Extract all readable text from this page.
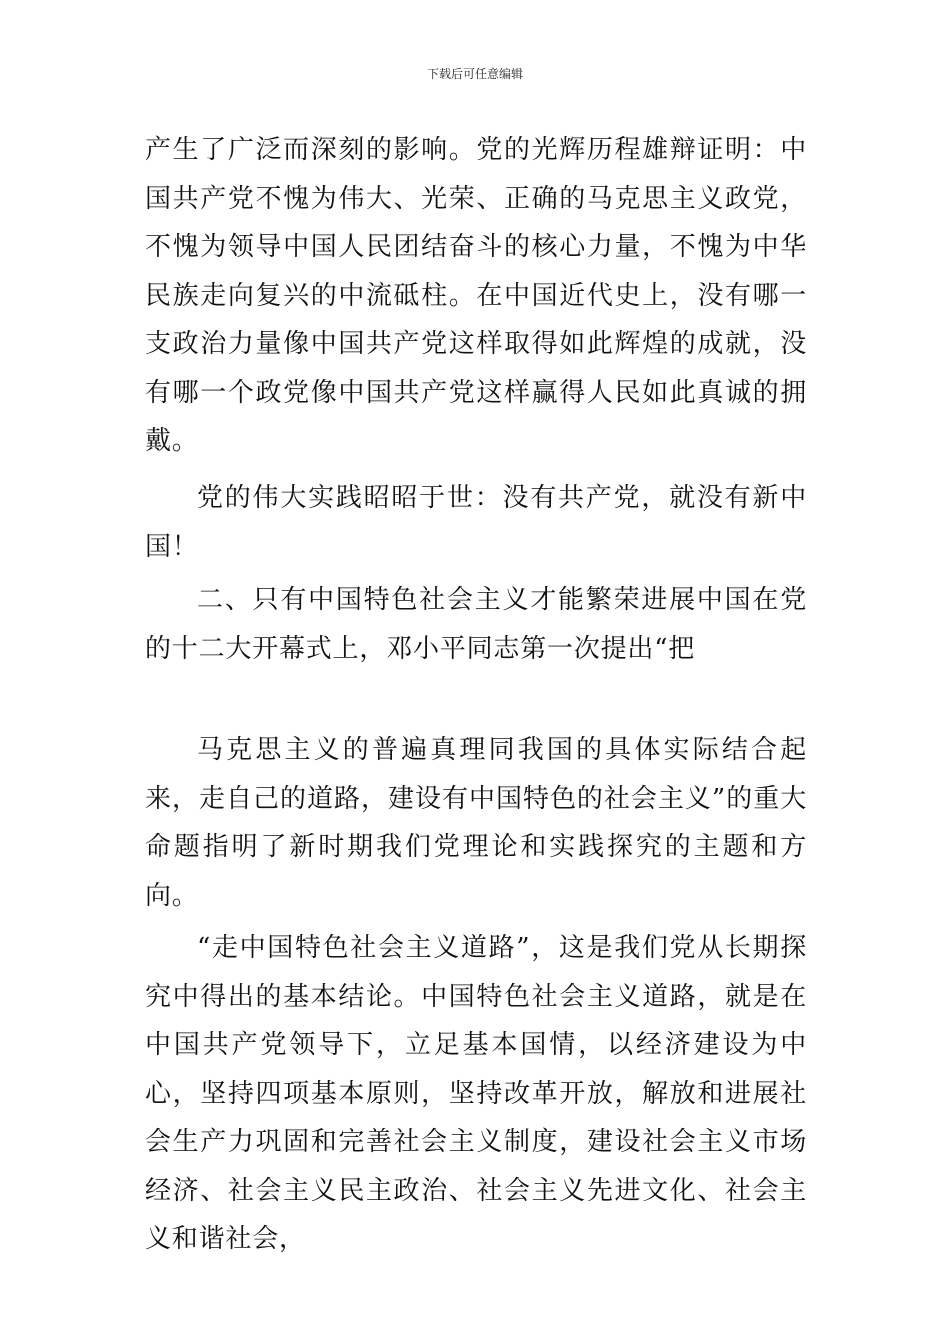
下载后可任意编辑

产生了广泛而深刻的影响。党的光辉历程雄辩证明：中国共产党不愧为伟大、光荣、正确的马克思主义政党，不愧为领导中国人民团结奋斗的核心力量，不愧为中华民族走向复兴的中流砥柱。在中国近代史上，没有哪一支政治力量像中国共产党这样取得如此辉煌的成就，没有哪一个政党像中国共产党这样赢得人民如此真诚的拥戴。

党的伟大实践昭昭于世：没有共产党，就没有新中国！

二、只有中国特色社会主义才能繁荣进展中国在党的十二大开幕式上，邓小平同志第一次提出“把

马克思主义的普遍真理同我国的具体实际结合起来，走自己的道路，建设有中国特色的社会主义”的重大命题指明了新时期我们党理论和实践探究的主题和方向。

“走中国特色社会主义道路”，这是我们党从长期探究中得出的基本结论。中国特色社会主义道路，就是在中国共产党领导下，立足基本国情，以经济建设为中心，坚持四项基本原则，坚持改革开放，解放和进展社会生产力巩固和完善社会主义制度，建设社会主义市场经济、社会主义民主政治、社会主义先进文化、社会主义和谐社会，
